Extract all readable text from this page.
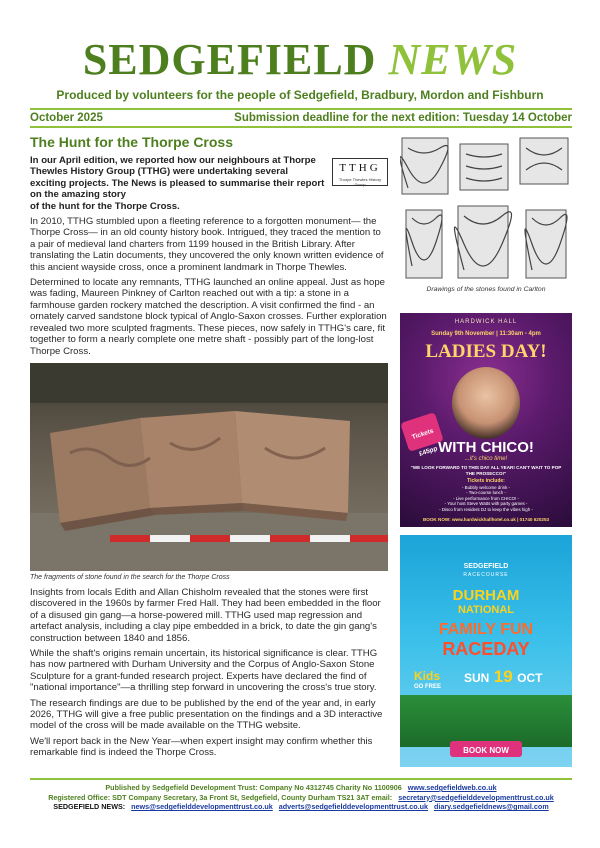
SEDGEFIELD NEWS
Produced by volunteers for the people of Sedgefield, Bradbury, Mordon and Fishburn
October 2025	Submission deadline for the next edition: Tuesday 14 October
The Hunt for the Thorpe Cross
TTHG
Thorpe Thewles History Group

In our April edition, we reported how our neighbours at Thorpe Thewles History Group (TTHG) were undertaking several exciting projects. The News is pleased to summarise their report on the amazing story

of the hunt for the Thorpe Cross.

In 2010, TTHG stumbled upon a fleeting reference to a forgotten monument— the Thorpe Cross— in an old county history book. Intrigued, they traced the mention to a pair of medieval land charters from 1199 housed in the British Library. After translating the Latin documents, they uncovered the only known written evidence of this ancient wayside cross, once a prominent landmark in Thorpe Thewles.

Determined to locate any remnants, TTHG launched an online appeal. Just as hope was fading, Maureen Pinkney of Carlton reached out with a tip: a stone in a farmhouse garden rockery matched the description. A visit confirmed the find - an ornately carved sandstone block typical of Anglo-Saxon crosses. Further exploration revealed two more sculpted fragments. These pieces, now safely in TTHG's care, fit together to form a nearly complete one metre shaft - possibly part of the long-lost Thorpe Cross.

The fragments of stone found in the search for the Thorpe Cross

Insights from locals Edith and Allan Chisholm revealed that the stones were first discovered in the 1960s by farmer Fred Hall. They had been embedded in the floor of a disused gin gang—a horse-powered mill. TTHG used map regression and artefact analysis, including a clay pipe embedded in a brick, to date the gin gang's construction between 1840 and 1856.

While the shaft's origins remain uncertain, its historical significance is clear. TTHG has now partnered with Durham University and the Corpus of Anglo-Saxon Stone Sculpture for a grant-funded research project. Experts have declared the find of "national importance"—a thrilling step forward in uncovering the cross's true story.

The research findings are due to be published by the end of the year and, in early 2026, TTHG will give a free public presentation on the findings and a 3D interactive model of the cross will be made available on the TTHG website.

We'll report back in the New Year—when expert insight may confirm whether this remarkable find is indeed the Thorpe Cross.

Drawings of the stones found in Carlton
HARDWICK HALL
Sunday 9th November | 11:30am - 4pm
LADIES DAY!
Tickets £45pp WITH CHICO!
...it's chico time!
"WE LOOK FORWARD TO THIS DAY ALL YEAR! CAN'T WAIT TO POP THE PROSECCO!"
Tickets include:
- Bubbly welcome drink -
- Two-course lunch -
- Live performance from CHICO! -
- Your host Steve Watts with party games -
- Disco from resident DJ to keep the vibes high -
BOOK NOW: www.hardwickhallhotel.co.uk | 01740 620253
SEDGEFIELD
RACECOURSE
DURHAM
NATIONAL
FAMILY FUN
RACEDAY
Kids
GO FREE
SUN 19 OCT
BOOK NOW
Published by Sedgefield Development Trust: Company No 4312745 Charity No 1100906 www.sedgefieldweb.co.uk
Registered Office: SDT Company Secretary, 3a Front St, Sedgefield, County Durham TS21 3AT email: secretary@sedgefielddevelopmenttrust.co.uk
SEDGEFIELD NEWS: news@sedgefielddevelopmenttrust.co.uk adverts@sedgefielddevelopmenttrust.co.uk diary.sedgefieldnews@gmail.com
